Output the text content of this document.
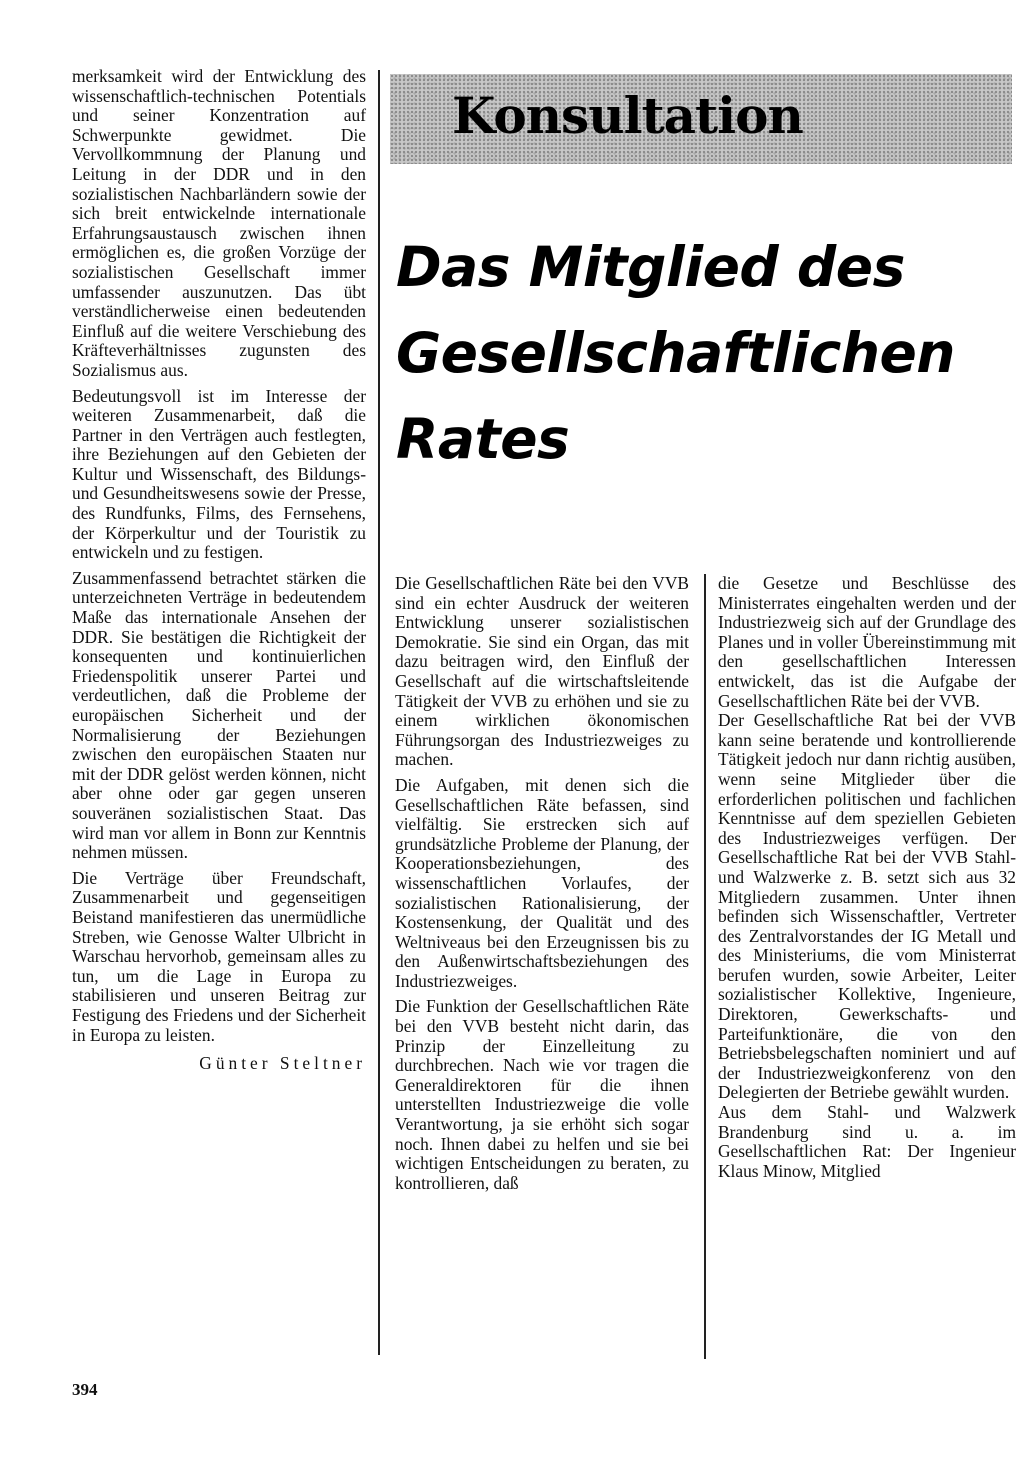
merksamkeit wird der Entwicklung des wissenschaftlich-technischen Potentials und seiner Konzentration auf Schwerpunkte gewidmet. Die Vervollkommnung der Planung und Leitung in der DDR und in den sozialistischen Nachbarländern sowie der sich breit entwickelnde internationale Erfahrungsaustausch zwischen ihnen ermöglichen es, die großen Vorzüge der sozialistischen Gesellschaft immer umfassender auszunutzen. Das übt verständlicherweise einen bedeutenden Einfluß auf die weitere Verschiebung des Kräfteverhältnisses zugunsten des Sozialismus aus.

Bedeutungsvoll ist im Interesse der weiteren Zusammenarbeit, daß die Partner in den Verträgen auch festlegten, ihre Beziehungen auf den Gebieten der Kultur und Wissenschaft, des Bildungs- und Gesundheitswesens sowie der Presse, des Rundfunks, Films, des Fernsehens, der Körperkultur und der Touristik zu entwickeln und zu festigen.

Zusammenfassend betrachtet stärken die unterzeichneten Verträge in bedeutendem Maße das internationale Ansehen der DDR. Sie bestätigen die Richtigkeit der konsequenten und kontinuierlichen Friedenspolitik unserer Partei und verdeutlichen, daß die Probleme der europäischen Sicherheit und der Normalisierung der Beziehungen zwischen den europäischen Staaten nur mit der DDR gelöst werden können, nicht aber ohne oder gar gegen unseren souveränen sozialistischen Staat. Das wird man vor allem in Bonn zur Kenntnis nehmen müssen.

Die Verträge über Freundschaft, Zusammenarbeit und gegenseitigen Beistand manifestieren das unermüdliche Streben, wie Genosse Walter Ulbricht in Warschau hervorhob, gemeinsam alles zu tun, um die Lage in Europa zu stabilisieren und unseren Beitrag zur Festigung des Friedens und der Sicherheit in Europa zu leisten.

Günter Steltner
Konsultation
Das Mitglied des Gesellschaftlichen Rates

Die Gesellschaftlichen Räte bei den VVB sind ein echter Ausdruck der weiteren Entwicklung unserer sozialistischen Demokratie. Sie sind ein Organ, das mit dazu beitragen wird, den Einfluß der Gesellschaft auf die wirtschaftsleitende Tätigkeit der VVB zu erhöhen und sie zu einem wirklichen ökonomischen Führungsorgan des Industriezweiges zu machen.

Die Aufgaben, mit denen sich die Gesellschaftlichen Räte befassen, sind vielfältig. Sie erstrecken sich auf grundsätzliche Probleme der Planung, der Kooperationsbeziehungen, des wissenschaftlichen Vorlaufes, der sozialistischen Rationalisierung, der Kostensenkung, der Qualität und des Weltniveaus bei den Erzeugnissen bis zu den Außenwirtschaftsbeziehungen des Industriezweiges.

Die Funktion der Gesellschaftlichen Räte bei den VVB besteht nicht darin, das Prinzip der Einzelleitung zu durchbrechen. Nach wie vor tragen die Generaldirektoren für die ihnen unterstellten Industriezweige die volle Verantwortung, ja sie erhöht sich sogar noch. Ihnen dabei zu helfen und sie bei wichtigen Entscheidungen zu beraten, zu kontrollieren, daß

die Gesetze und Beschlüsse des Ministerrates eingehalten werden und der Industriezweig sich auf der Grundlage des Planes und in voller Übereinstimmung mit den gesellschaftlichen Interessen entwickelt, das ist die Aufgabe der Gesellschaftlichen Räte bei der VVB.

Der Gesellschaftliche Rat bei der VVB kann seine beratende und kontrollierende Tätigkeit jedoch nur dann richtig ausüben, wenn seine Mitglieder über die erforderlichen politischen und fachlichen Kenntnisse auf dem speziellen Gebieten des Industriezweiges verfügen. Der Gesellschaftliche Rat bei der VVB Stahl- und Walzwerke z. B. setzt sich aus 32 Mitgliedern zusammen. Unter ihnen befinden sich Wissenschaftler, Vertreter des Zentralvorstandes der IG Metall und des Ministeriums, die vom Ministerrat berufen wurden, sowie Arbeiter, Leiter sozialistischer Kollektive, Ingenieure, Direktoren, Gewerkschafts- und Parteifunktionäre, die von den Betriebsbelegschaften nominiert und auf der Industriezweigkonferenz von den Delegierten der Betriebe gewählt wurden.

Aus dem Stahl- und Walzwerk Brandenburg sind u. a. im Gesellschaftlichen Rat: Der Ingenieur Klaus Minow, Mitglied

394
